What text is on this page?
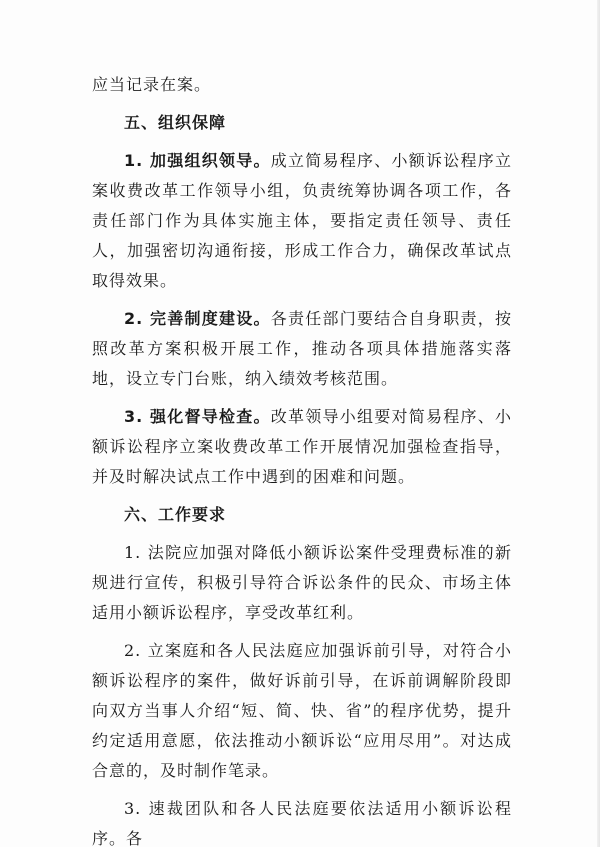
应当记录在案。

五、组织保障

1. 加强组织领导。成立简易程序、小额诉讼程序立案收费改革工作领导小组，负责统筹协调各项工作，各责任部门作为具体实施主体，要指定责任领导、责任人，加强密切沟通衔接，形成工作合力，确保改革试点取得效果。

2. 完善制度建设。各责任部门要结合自身职责，按照改革方案积极开展工作，推动各项具体措施落实落地，设立专门台账，纳入绩效考核范围。

3. 强化督导检查。改革领导小组要对简易程序、小额诉讼程序立案收费改革工作开展情况加强检查指导，并及时解决试点工作中遇到的困难和问题。

六、工作要求

1. 法院应加强对降低小额诉讼案件受理费标准的新规进行宣传，积极引导符合诉讼条件的民众、市场主体适用小额诉讼程序，享受改革红利。

2. 立案庭和各人民法庭应加强诉前引导，对符合小额诉讼程序的案件，做好诉前引导，在诉前调解阶段即向双方当事人介绍“短、简、快、省”的程序优势，提升约定适用意愿，依法推动小额诉讼“应用尽用”。对达成合意的，及时制作笔录。

3. 速裁团队和各人民法庭要依法适用小额诉讼程序。各
